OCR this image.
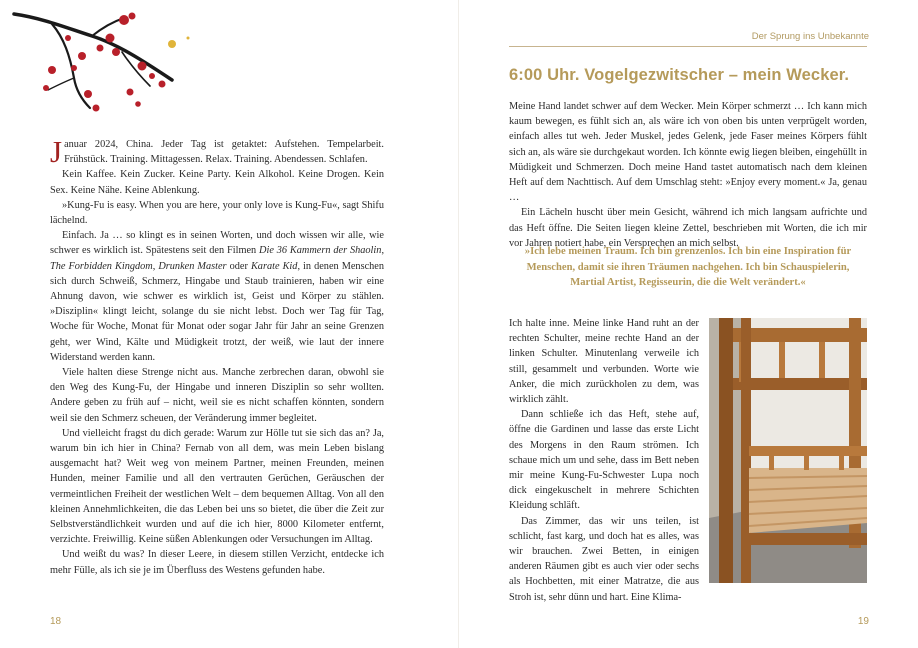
Januar 2024, China. Jeder Tag ist getaktet: Aufstehen. Tempelarbeit. Frühstück. Training. Mittagessen. Relax. Training. Abendessen. Schlafen.

Kein Kaffee. Kein Zucker. Keine Party. Kein Alkohol. Keine Drogen. Kein Sex. Keine Nähe. Keine Ablenkung.

»Kung-Fu is easy. When you are here, your only love is Kung-Fu«, sagt Shifu lächelnd.

Einfach. Ja … so klingt es in seinen Worten, und doch wissen wir alle, wie schwer es wirklich ist. Spätestens seit den Filmen Die 36 Kammern der Shaolin, The Forbidden Kingdom, Drunken Master oder Karate Kid, in denen Menschen sich durch Schweiß, Schmerz, Hingabe und Staub trainieren, haben wir eine Ahnung davon, wie schwer es wirklich ist, Geist und Körper zu stählen. »Disziplin« klingt leicht, solange du sie nicht lebst. Doch wer Tag für Tag, Woche für Woche, Monat für Monat oder sogar Jahr für Jahr an seine Grenzen geht, wer Wind, Kälte und Müdigkeit trotzt, der weiß, wie laut der innere Widerstand werden kann.

Viele halten diese Strenge nicht aus. Manche zerbrechen daran, obwohl sie den Weg des Kung-Fu, der Hingabe und inneren Disziplin so sehr wollten. Andere geben zu früh auf – nicht, weil sie es nicht schaffen könnten, sondern weil sie den Schmerz scheuen, der Veränderung immer begleitet.

Und vielleicht fragst du dich gerade: Warum zur Hölle tut sie sich das an? Ja, warum bin ich hier in China? Fernab von all dem, was mein Leben bislang ausgemacht hat? Weit weg von meinem Partner, meinen Freunden, meinen Hunden, meiner Familie und all den vertrauten Gerüchen, Geräuschen der vermeintlichen Freiheit der westlichen Welt – dem bequemen Alltag. Von all den kleinen Annehmlichkeiten, die das Leben bei uns so bietet, die über die Zeit zur Selbstverständlichkeit wurden und auf die ich hier, 8000 Kilometer entfernt, verzichte. Freiwillig. Keine süßen Ablenkungen oder Versuchungen im Alltag.

Und weißt du was? In dieser Leere, in diesem stillen Verzicht, entdecke ich mehr Fülle, als ich sie je im Überfluss des Westens gefunden habe.

18
Der Sprung ins Unbekannte
6:00 Uhr. Vogelgezwitscher – mein Wecker.

Meine Hand landet schwer auf dem Wecker. Mein Körper schmerzt … Ich kann mich kaum bewegen, es fühlt sich an, als wäre ich von oben bis unten verprügelt worden, einfach alles tut weh. Jeder Muskel, jedes Gelenk, jede Faser meines Körpers fühlt sich an, als wäre sie durchgekaut worden. Ich könnte ewig liegen bleiben, eingehüllt in Müdigkeit und Schmerzen. Doch meine Hand tastet automatisch nach dem kleinen Heft auf dem Nachttisch. Auf dem Umschlag steht: »Enjoy every moment.« Ja, genau …

Ein Lächeln huscht über mein Gesicht, während ich mich langsam aufrichte und das Heft öffne. Die Seiten liegen kleine Zettel, beschrieben mit Worten, die ich mir vor Jahren notiert habe, ein Versprechen an mich selbst.

»Ich lebe meinen Traum. Ich bin grenzenlos. Ich bin eine Inspiration für Menschen, damit sie ihren Träumen nachgehen. Ich bin Schauspielerin, Martial Artist, Regisseurin, die die Welt verändert.«

Ich halte inne. Meine linke Hand ruht an der rechten Schulter, meine rechte Hand an der linken Schulter. Minutenlang verweile ich still, gesammelt und verbunden. Worte wie Anker, die mich zurückholen zu dem, was wirklich zählt.

Dann schließe ich das Heft, stehe auf, öffne die Gardinen und lasse das erste Licht des Morgens in den Raum strömen. Ich schaue mich um und sehe, dass im Bett neben mir meine Kung-Fu-Schwester Lupa noch dick eingekuschelt in mehrere Schichten Kleidung schläft.

Das Zimmer, das wir uns teilen, ist schlicht, fast karg, und doch hat es alles, was wir brauchen. Zwei Betten, in einigen anderen Räumen gibt es auch vier oder sechs als Hochbetten, mit einer Matratze, die aus Stroh ist, sehr dünn und hart. Eine Klima-

19
